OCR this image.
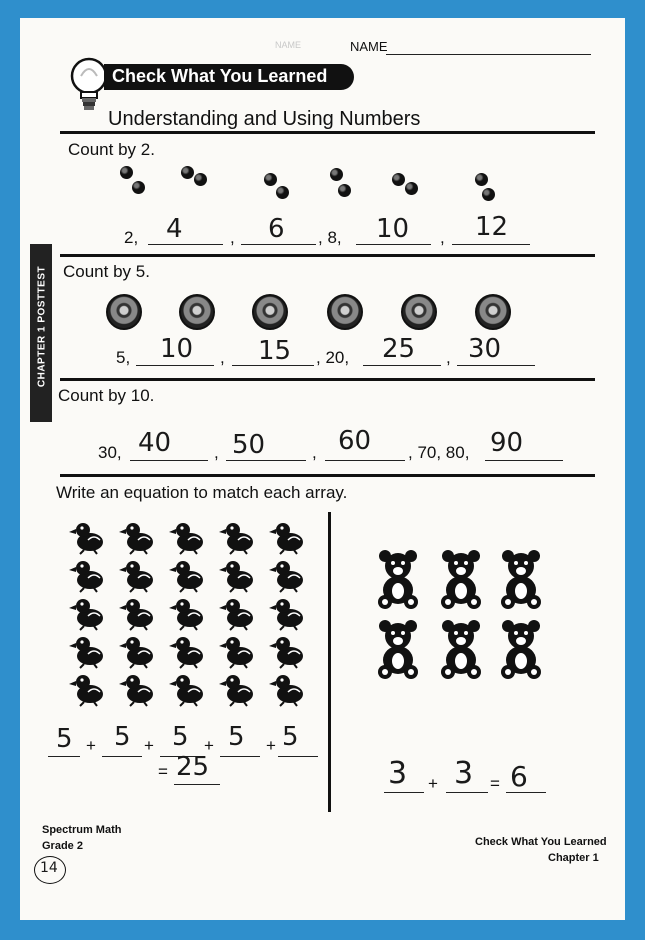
NAME	NAME
Check What You Learned
Understanding and Using Numbers
CHAPTER 1 POSTTEST
Count by 2.
2, 4	, 6 , 8, 10 , 12
Count by 5.
5, 10 , 15 , 20, 25 , 30
Count by 10.
30, 40	, 50	, 60 , 70, 80, 90
Write an equation to match each array.
5 + 5 + 5 + 5 + 5
= 25	3 + 3 = 6
Spectrum Math
Grade 2
14
Check What You Learned
Chapter 1
